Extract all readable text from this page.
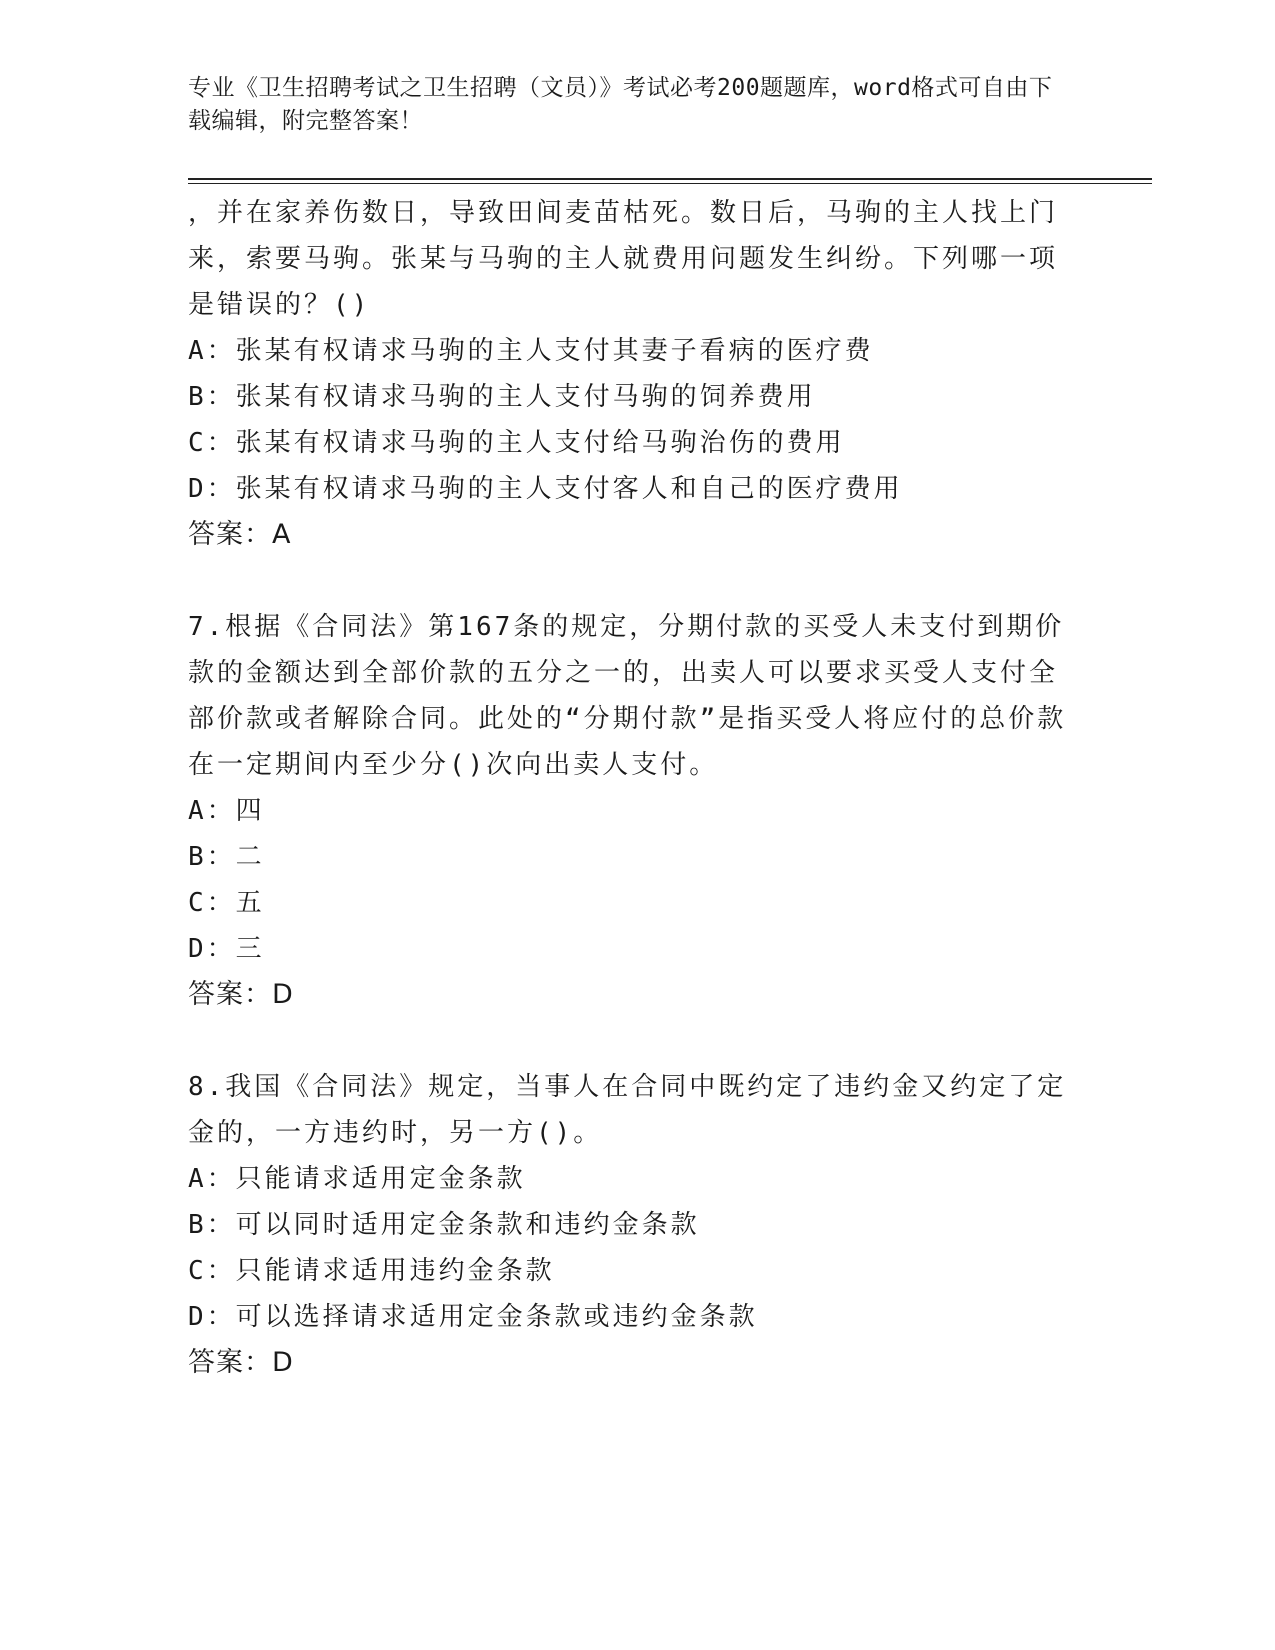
专业《卫生招聘考试之卫生招聘（文员）》考试必考200题题库，word格式可自由下载编辑，附完整答案！

，并在家养伤数日，导致田间麦苗枯死。数日后，马驹的主人找上门来，索要马驹。张某与马驹的主人就费用问题发生纠纷。下列哪一项是错误的？()

A：张某有权请求马驹的主人支付其妻子看病的医疗费

B：张某有权请求马驹的主人支付马驹的饲养费用

C：张某有权请求马驹的主人支付给马驹治伤的费用

D：张某有权请求马驹的主人支付客人和自己的医疗费用

答案：A

7.根据《合同法》第167条的规定，分期付款的买受人未支付到期价款的金额达到全部价款的五分之一的，出卖人可以要求买受人支付全部价款或者解除合同。此处的“分期付款”是指买受人将应付的总价款在一定期间内至少分()次向出卖人支付。

A：四

B：二

C：五

D：三

答案：D

8.我国《合同法》规定，当事人在合同中既约定了违约金又约定了定金的，一方违约时，另一方()。

A：只能请求适用定金条款

B：可以同时适用定金条款和违约金条款

C：只能请求适用违约金条款

D：可以选择请求适用定金条款或违约金条款

答案：D
